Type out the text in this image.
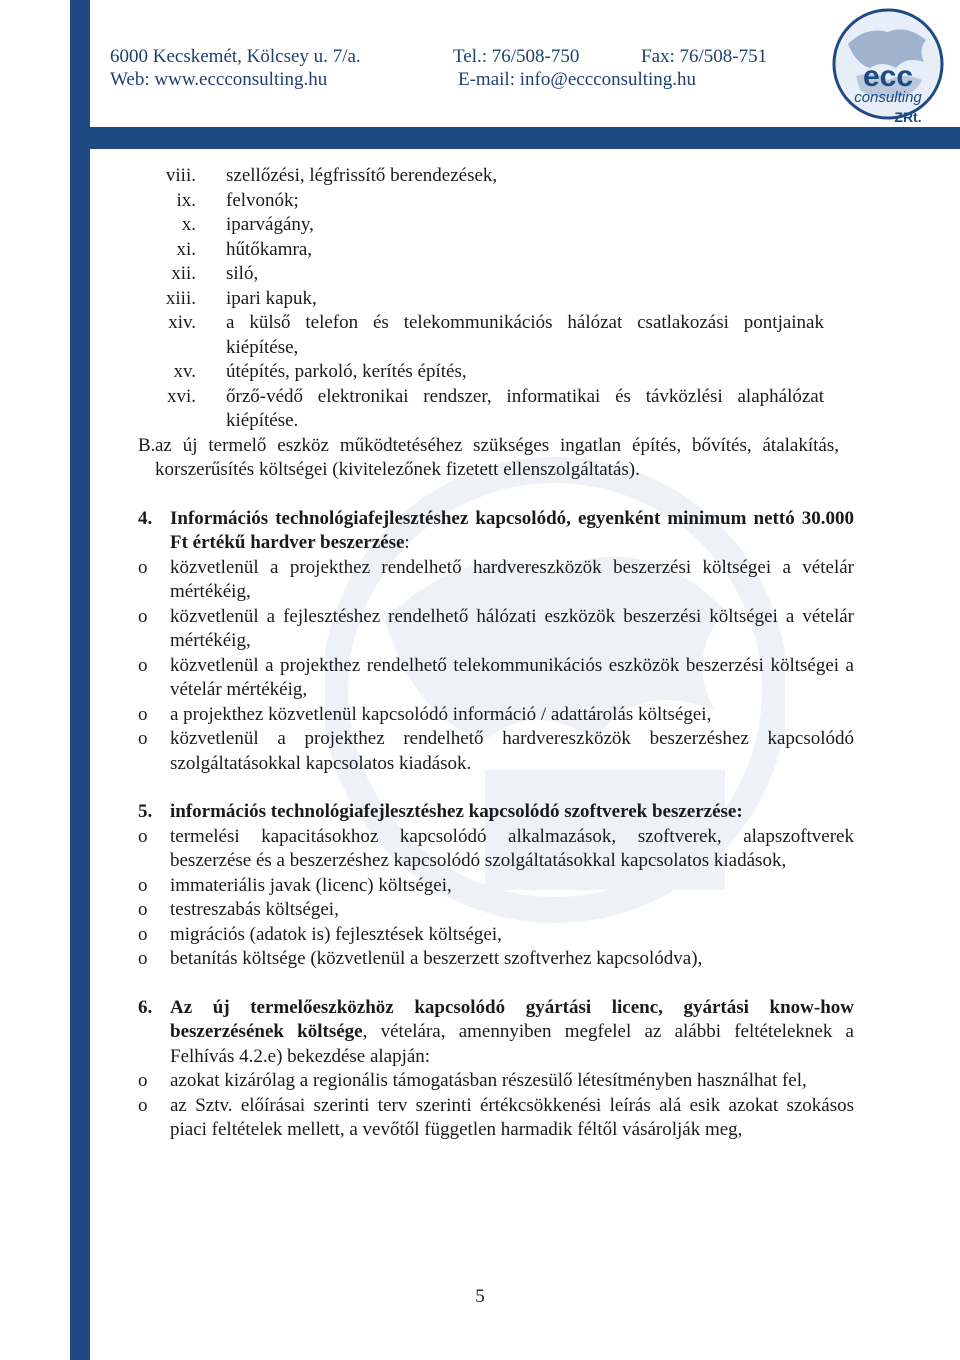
6000 Kecskemét, Kölcsey u. 7/a.	Tel.: 76/508-750	Fax: 76/508-751
Web: www.eccconsulting.hu	E-mail: info@eccconsulting.hu	ecc
consulting
ZRt.
viii.	szellőzési, légfrissítő berendezések,
ix.	felvonók;
x.	iparvágány,
xi.	hűtőkamra,
xii.	siló,
xiii.	ipari kapuk,
xiv.	a külső telefon és telekommunikációs hálózat csatlakozási pontjainak kiépítése,
xv.	útépítés, parkoló, kerítés építés,
xvi.	őrző-védő elektronikai rendszer, informatikai és távközlési alaphálózat kiépítése.
B. az új termelő eszköz működtetéséhez szükséges ingatlan építés, bővítés, átalakítás, korszerűsítés költségei (kivitelezőnek fizetett ellenszolgáltatás).
4. Információs technológiafejlesztéshez kapcsolódó, egyenként minimum nettó 30.000 Ft értékű hardver beszerzése:
o	közvetlenül a projekthez rendelhető hardvereszközök beszerzési költségei a vételár mértékéig,
o	közvetlenül a fejlesztéshez rendelhető hálózati eszközök beszerzési költségei a vételár mértékéig,
o	közvetlenül a projekthez rendelhető telekommunikációs eszközök beszerzési költségei a vételár mértékéig,
o	a projekthez közvetlenül kapcsolódó információ / adattárolás költségei,
o	közvetlenül a projekthez rendelhető hardvereszközök beszerzéshez kapcsolódó szolgáltatásokkal kapcsolatos kiadások.
5. információs technológiafejlesztéshez kapcsolódó szoftverek beszerzése:
o	termelési kapacitásokhoz kapcsolódó alkalmazások, szoftverek, alapszoftverek beszerzése és a beszerzéshez kapcsolódó szolgáltatásokkal kapcsolatos kiadások,
o	immateriális javak (licenc) költségei,
o	testreszabás költségei,
o	migrációs (adatok is) fejlesztések költségei,
o	betanítás költsége (közvetlenül a beszerzett szoftverhez kapcsolódva),
6. Az új termelőeszközhöz kapcsolódó gyártási licenc, gyártási know-how beszerzésének költsége, vételára, amennyiben megfelel az alábbi feltételeknek a Felhívás 4.2.e) bekezdése alapján:
o	azokat kizárólag a regionális támogatásban részesülő létesítményben használhat fel,
o	az Sztv. előírásai szerinti terv szerinti értékcsökkenési leírás alá esik azokat szokásos piaci feltételek mellett, a vevőtől független harmadik féltől vásárolják meg,
5
